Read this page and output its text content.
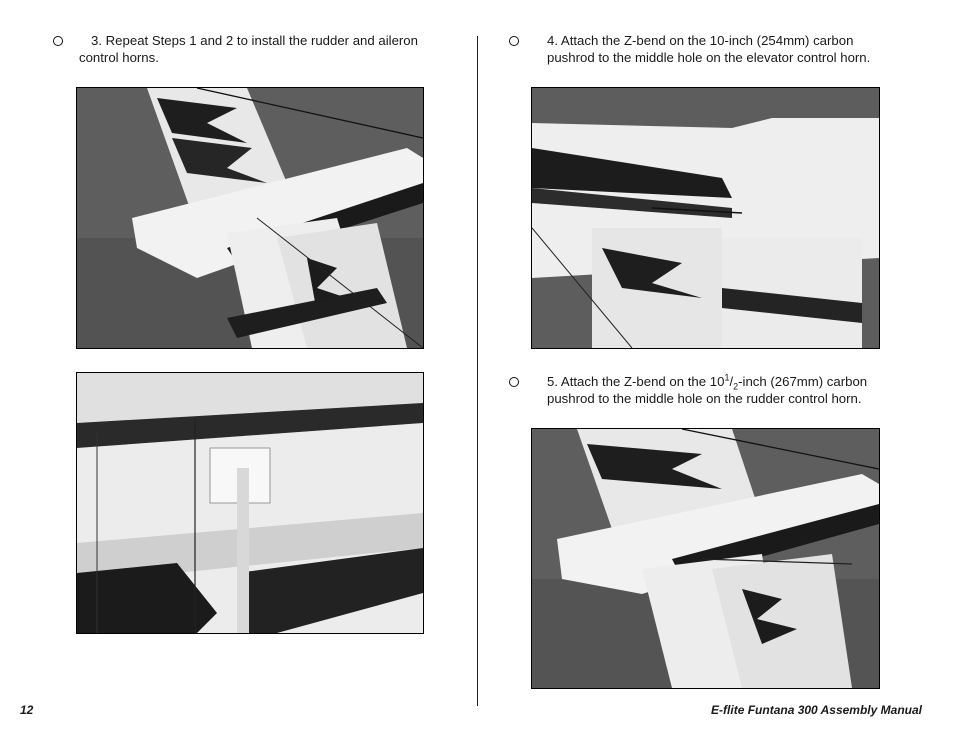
3. Repeat Steps 1 and 2 to install the rudder and aileron
control horns.
4. Attach the Z-bend on the 10-inch (254mm) carbon
pushrod to the middle hole on the elevator control horn.
5. Attach the Z-bend on the $10^1/_2$-inch (267mm) carbon
pushrod to the middle hole on the rudder control horn.
12	E-flite Funtana 300 Assembly Manual
